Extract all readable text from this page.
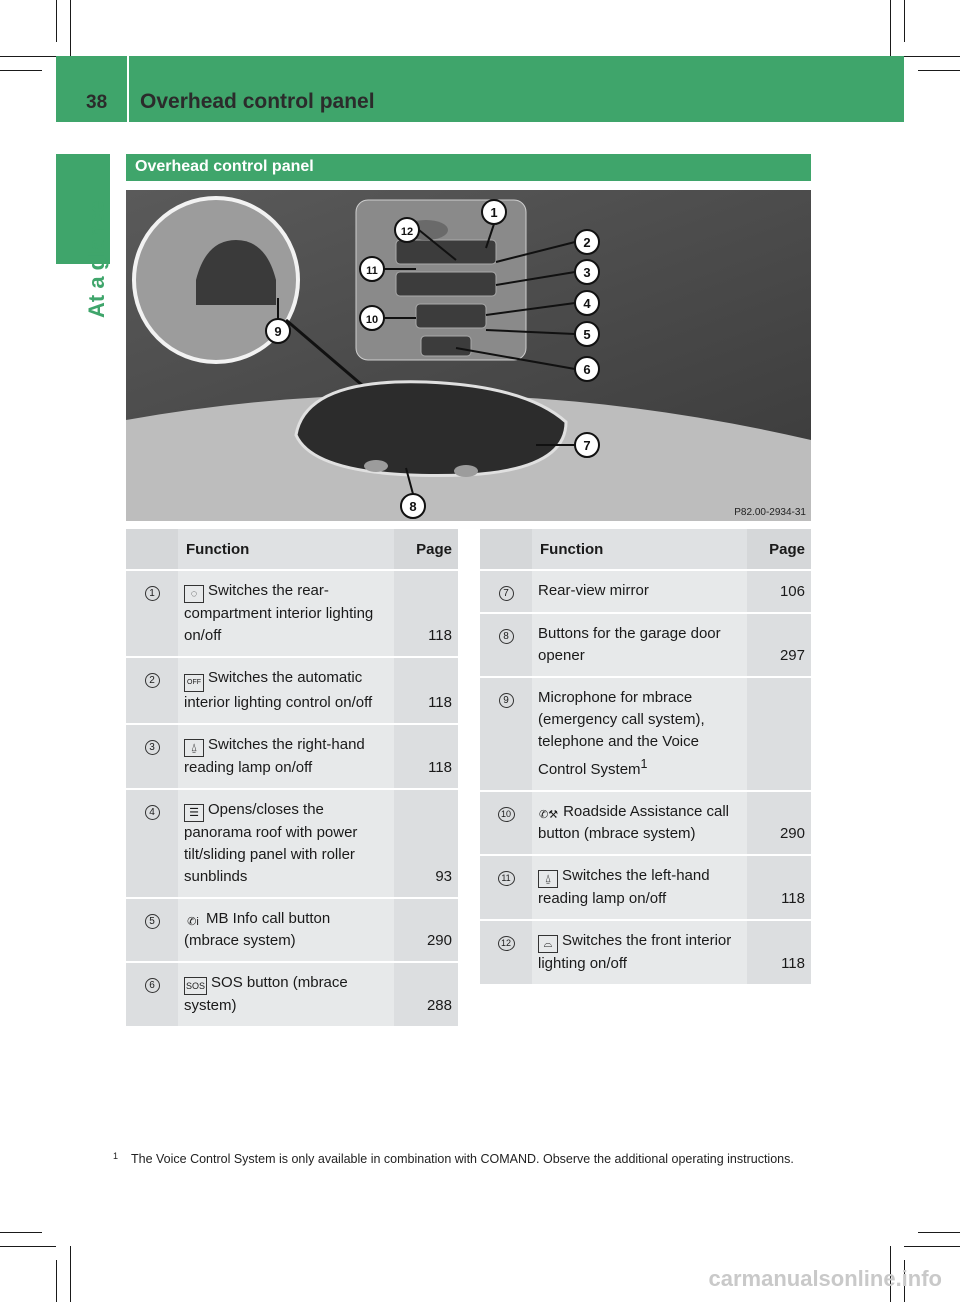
38 Overhead control panel
At a glance
Overhead control panel
1
2
3
4
5
6
7
8
9
10
11
12
P82.00-2934-31
	Function	Page
1	◌ Switches the rear-compartment interior lighting on/off	118
2	OFF Switches the automatic interior lighting control on/off	118
3	⍙ Switches the right-hand reading lamp on/off	118
4	☰ Opens/closes the panorama roof with power tilt/sliding panel with roller sunblinds	93
5	✆i MB Info call button (mbrace system)	290
6	SOS SOS button (mbrace system)	288
	Function	Page
7	Rear-view mirror	106
8	Buttons for the garage door opener	297
9	Microphone for mbrace (emergency call system), telephone and the Voice Control System$^1$	
10	✆⚒ Roadside Assistance call button (mbrace system)	290
11	⍙ Switches the left-hand reading lamp on/off	118
12	⌓ Switches the front interior lighting on/off	118
1 The Voice Control System is only available in combination with COMAND. Observe the additional operating instructions.
carmanualsonline.info
